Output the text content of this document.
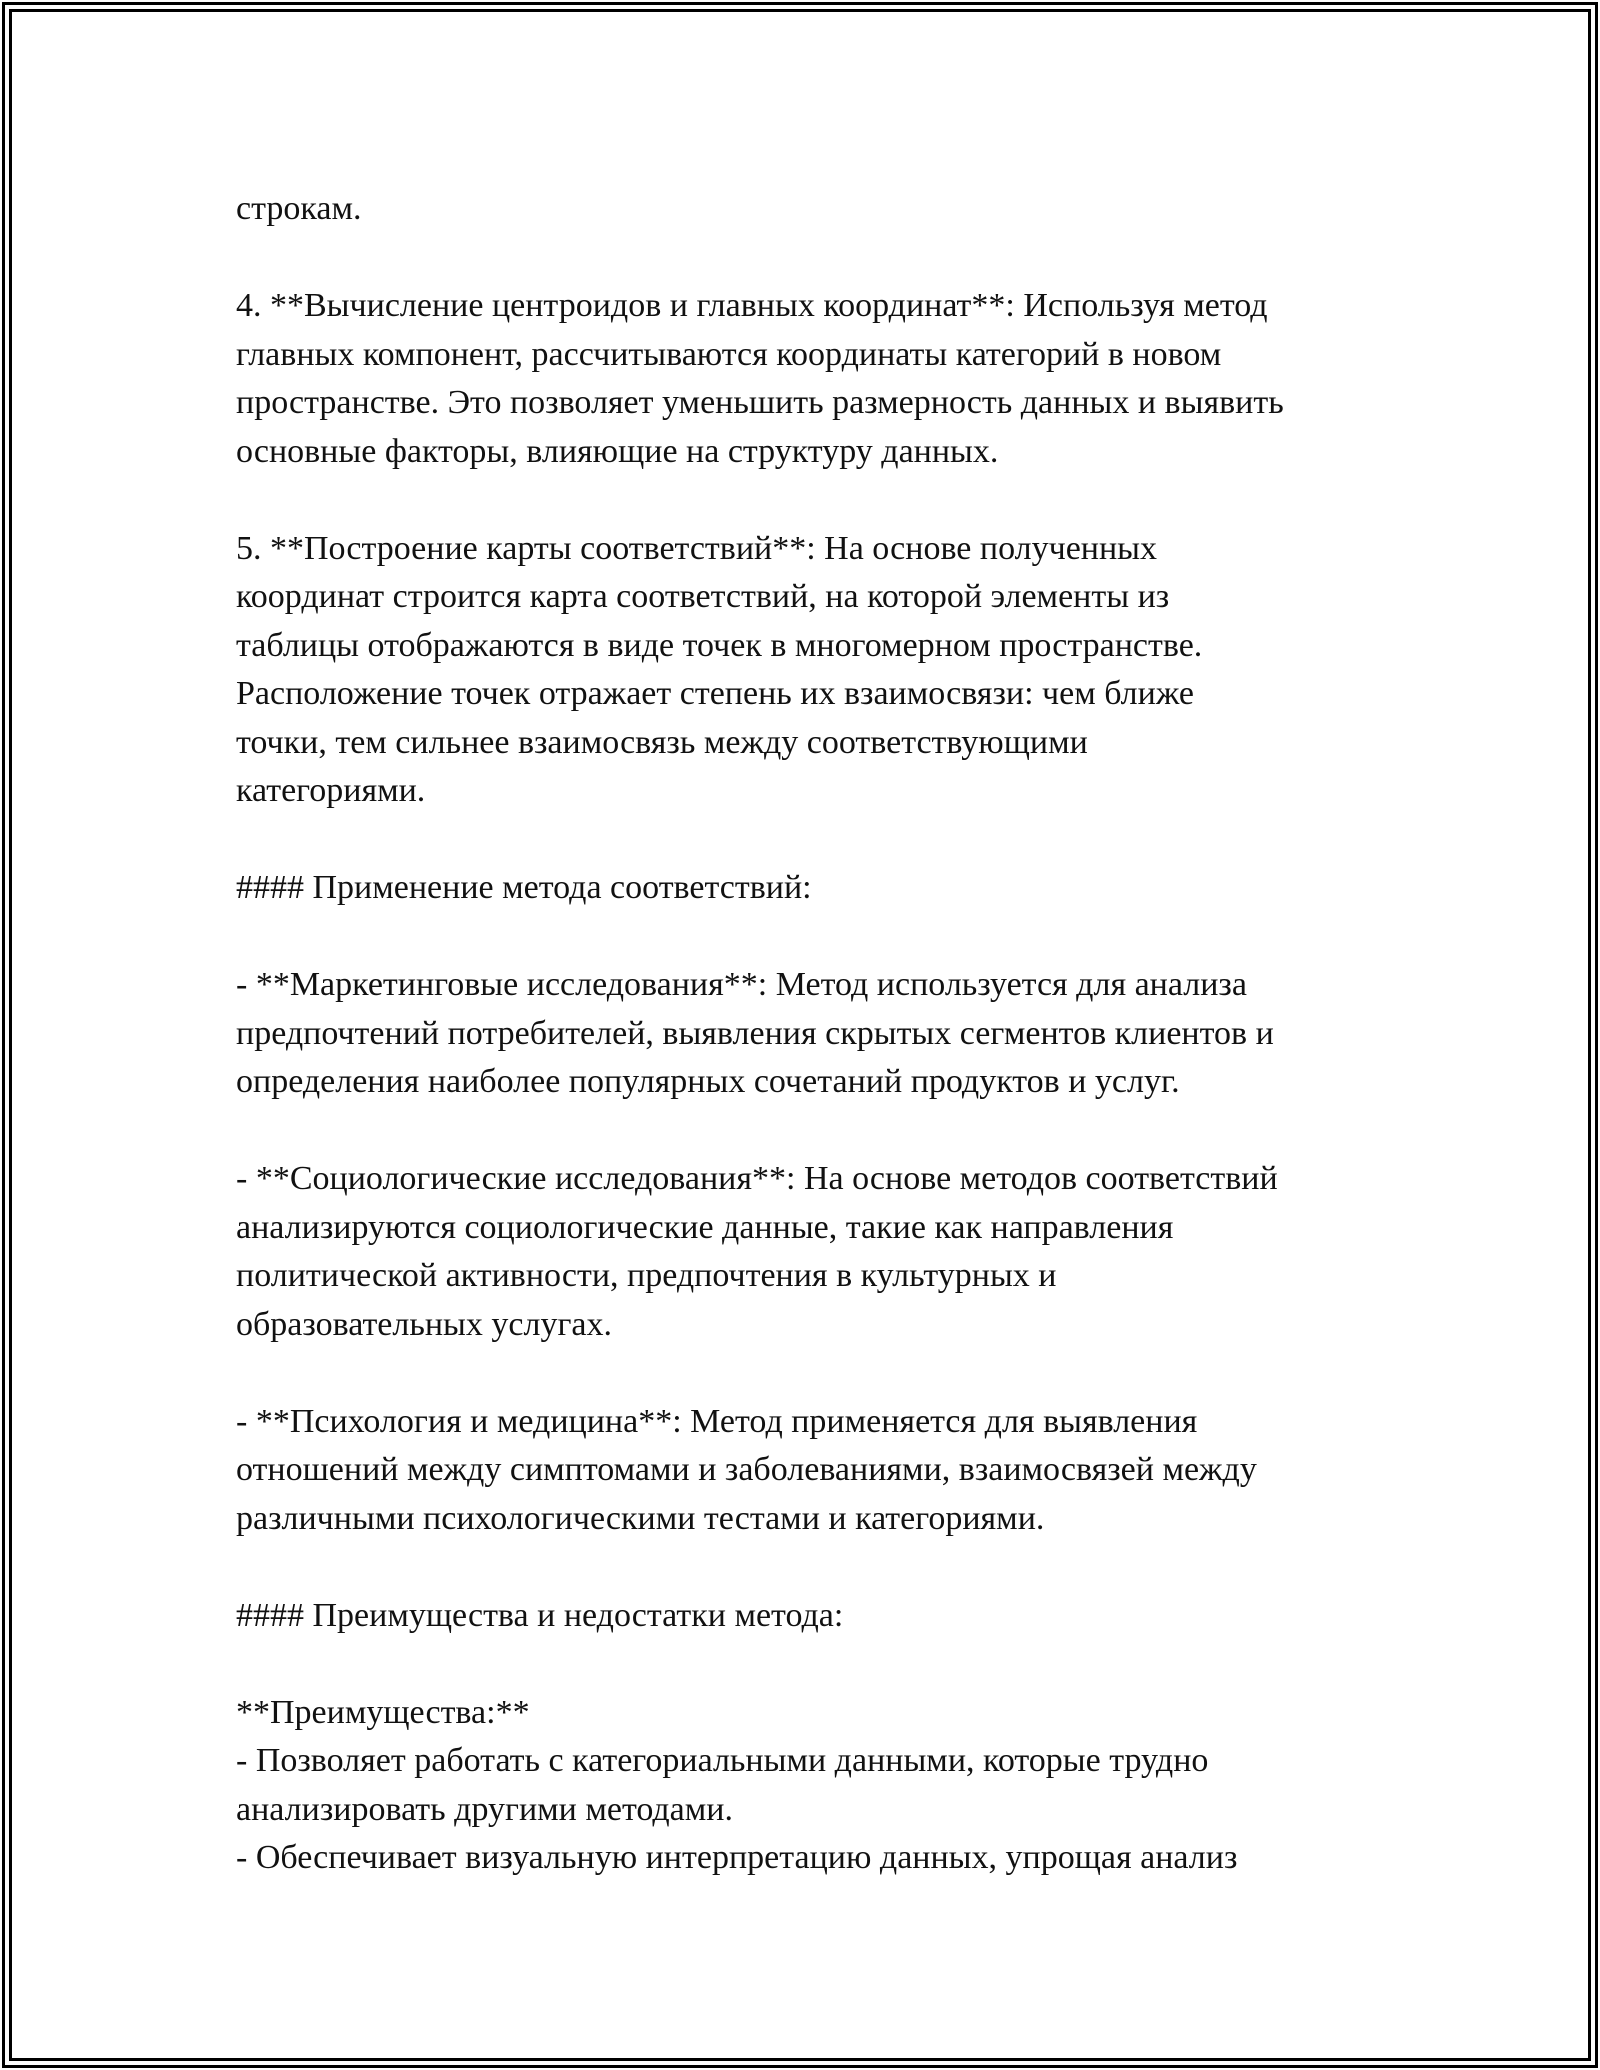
строкам.

4. **Вычисление центроидов и главных координат**: Используя метод
главных компонент, рассчитываются координаты категорий в новом
пространстве. Это позволяет уменьшить размерность данных и выявить
основные факторы, влияющие на структуру данных.

5. **Построение карты соответствий**: На основе полученных
координат строится карта соответствий, на которой элементы из
таблицы отображаются в виде точек в многомерном пространстве.
Расположение точек отражает степень их взаимосвязи: чем ближе
точки, тем сильнее взаимосвязь между соответствующими
категориями.

#### Применение метода соответствий:

- **Маркетинговые исследования**: Метод используется для анализа
предпочтений потребителей, выявления скрытых сегментов клиентов и
определения наиболее популярных сочетаний продуктов и услуг.

- **Социологические исследования**: На основе методов соответствий
анализируются социологические данные, такие как направления
политической активности, предпочтения в культурных и
образовательных услугах.

- **Психология и медицина**: Метод применяется для выявления
отношений между симптомами и заболеваниями, взаимосвязей между
различными психологическими тестами и категориями.

#### Преимущества и недостатки метода:

**Преимущества:**
- Позволяет работать с категориальными данными, которые трудно
анализировать другими методами.
- Обеспечивает визуальную интерпретацию данных, упрощая анализ
